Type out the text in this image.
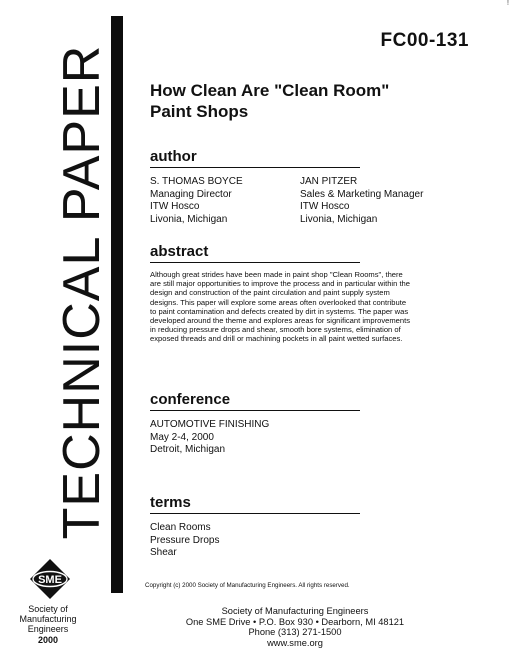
!
TECHNICAL PAPER
FC00-131
How Clean Are "Clean Room"
Paint Shops
author
S. THOMAS BOYCE
Managing Director
ITW Hosco
Livonia, Michigan
JAN PITZER
Sales & Marketing Manager
ITW Hosco
Livonia, Michigan
abstract
Although great strides have been made in paint shop "Clean Rooms", there
are still major opportunities to improve the process and in particular within the
design and construction of the paint circulation and paint supply system
designs. This paper will explore some areas often overlooked that contribute
to paint contamination and defects created by dirt in systems. The paper was
developed around the theme and explores areas for significant improvements
in reducing pressure drops and shear, smooth bore systems, elimination of
exposed threads and drill or machining pockets in all paint wetted surfaces.
conference
AUTOMOTIVE FINISHING
May 2-4, 2000
Detroit, Michigan
terms
Clean Rooms
Pressure Drops
Shear
Copyright (c) 2000 Society of Manufacturing Engineers. All rights reserved.
Society of Manufacturing Engineers
One SME Drive • P.O. Box 930 • Dearborn, MI 48121
Phone (313) 271-1500
www.sme.org
SME
Society of
Manufacturing
Engineers
2000
